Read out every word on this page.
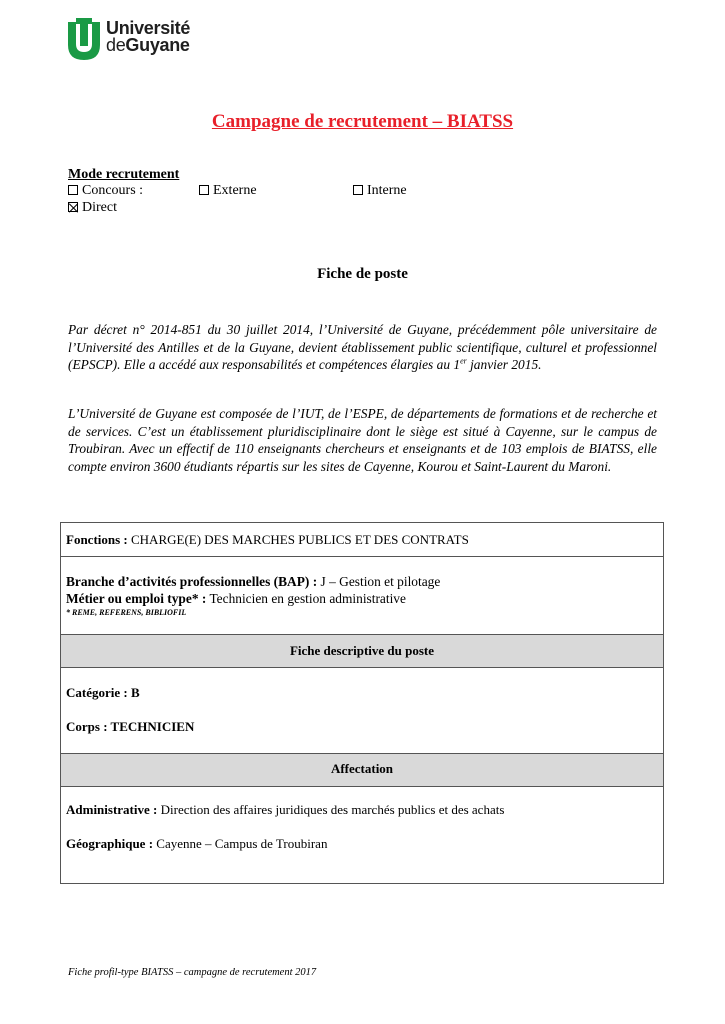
Université
deGuyane
Campagne de recrutement – BIATSS
Mode recrutement
Concours :	Externe	Interne
Direct
Fiche de poste
Par décret n° 2014-851 du 30 juillet 2014, l’Université de Guyane, précédemment pôle universitaire de l’Université des Antilles et de la Guyane, devient établissement public scientifique, culturel et professionnel (EPSCP). Elle a accédé aux responsabilités et compétences élargies au 1er janvier 2015.
L’Université de Guyane est composée de l’IUT, de l’ESPE, de départements de formations et de recherche et de services. C’est un établissement pluridisciplinaire dont le siège est situé à Cayenne, sur le campus de Troubiran. Avec un effectif de 110 enseignants chercheurs et enseignants et de 103 emplois de BIATSS, elle compte environ 3600 étudiants répartis sur les sites de Cayenne, Kourou et Saint-Laurent du Maroni.
Fonctions : CHARGE(E) DES MARCHES PUBLICS ET DES CONTRATS
Branche d’activités professionnelles (BAP) : J – Gestion et pilotage
Métier ou emploi type* : Technicien en gestion administrative
* REME, REFERENS, BIBLIOFIL
Fiche descriptive du poste
Catégorie : B
Corps : TECHNICIEN
Affectation
Administrative : Direction des affaires juridiques des marchés publics et des achats
Géographique : Cayenne – Campus de Troubiran
Fiche profil-type BIATSS – campagne de recrutement 2017
